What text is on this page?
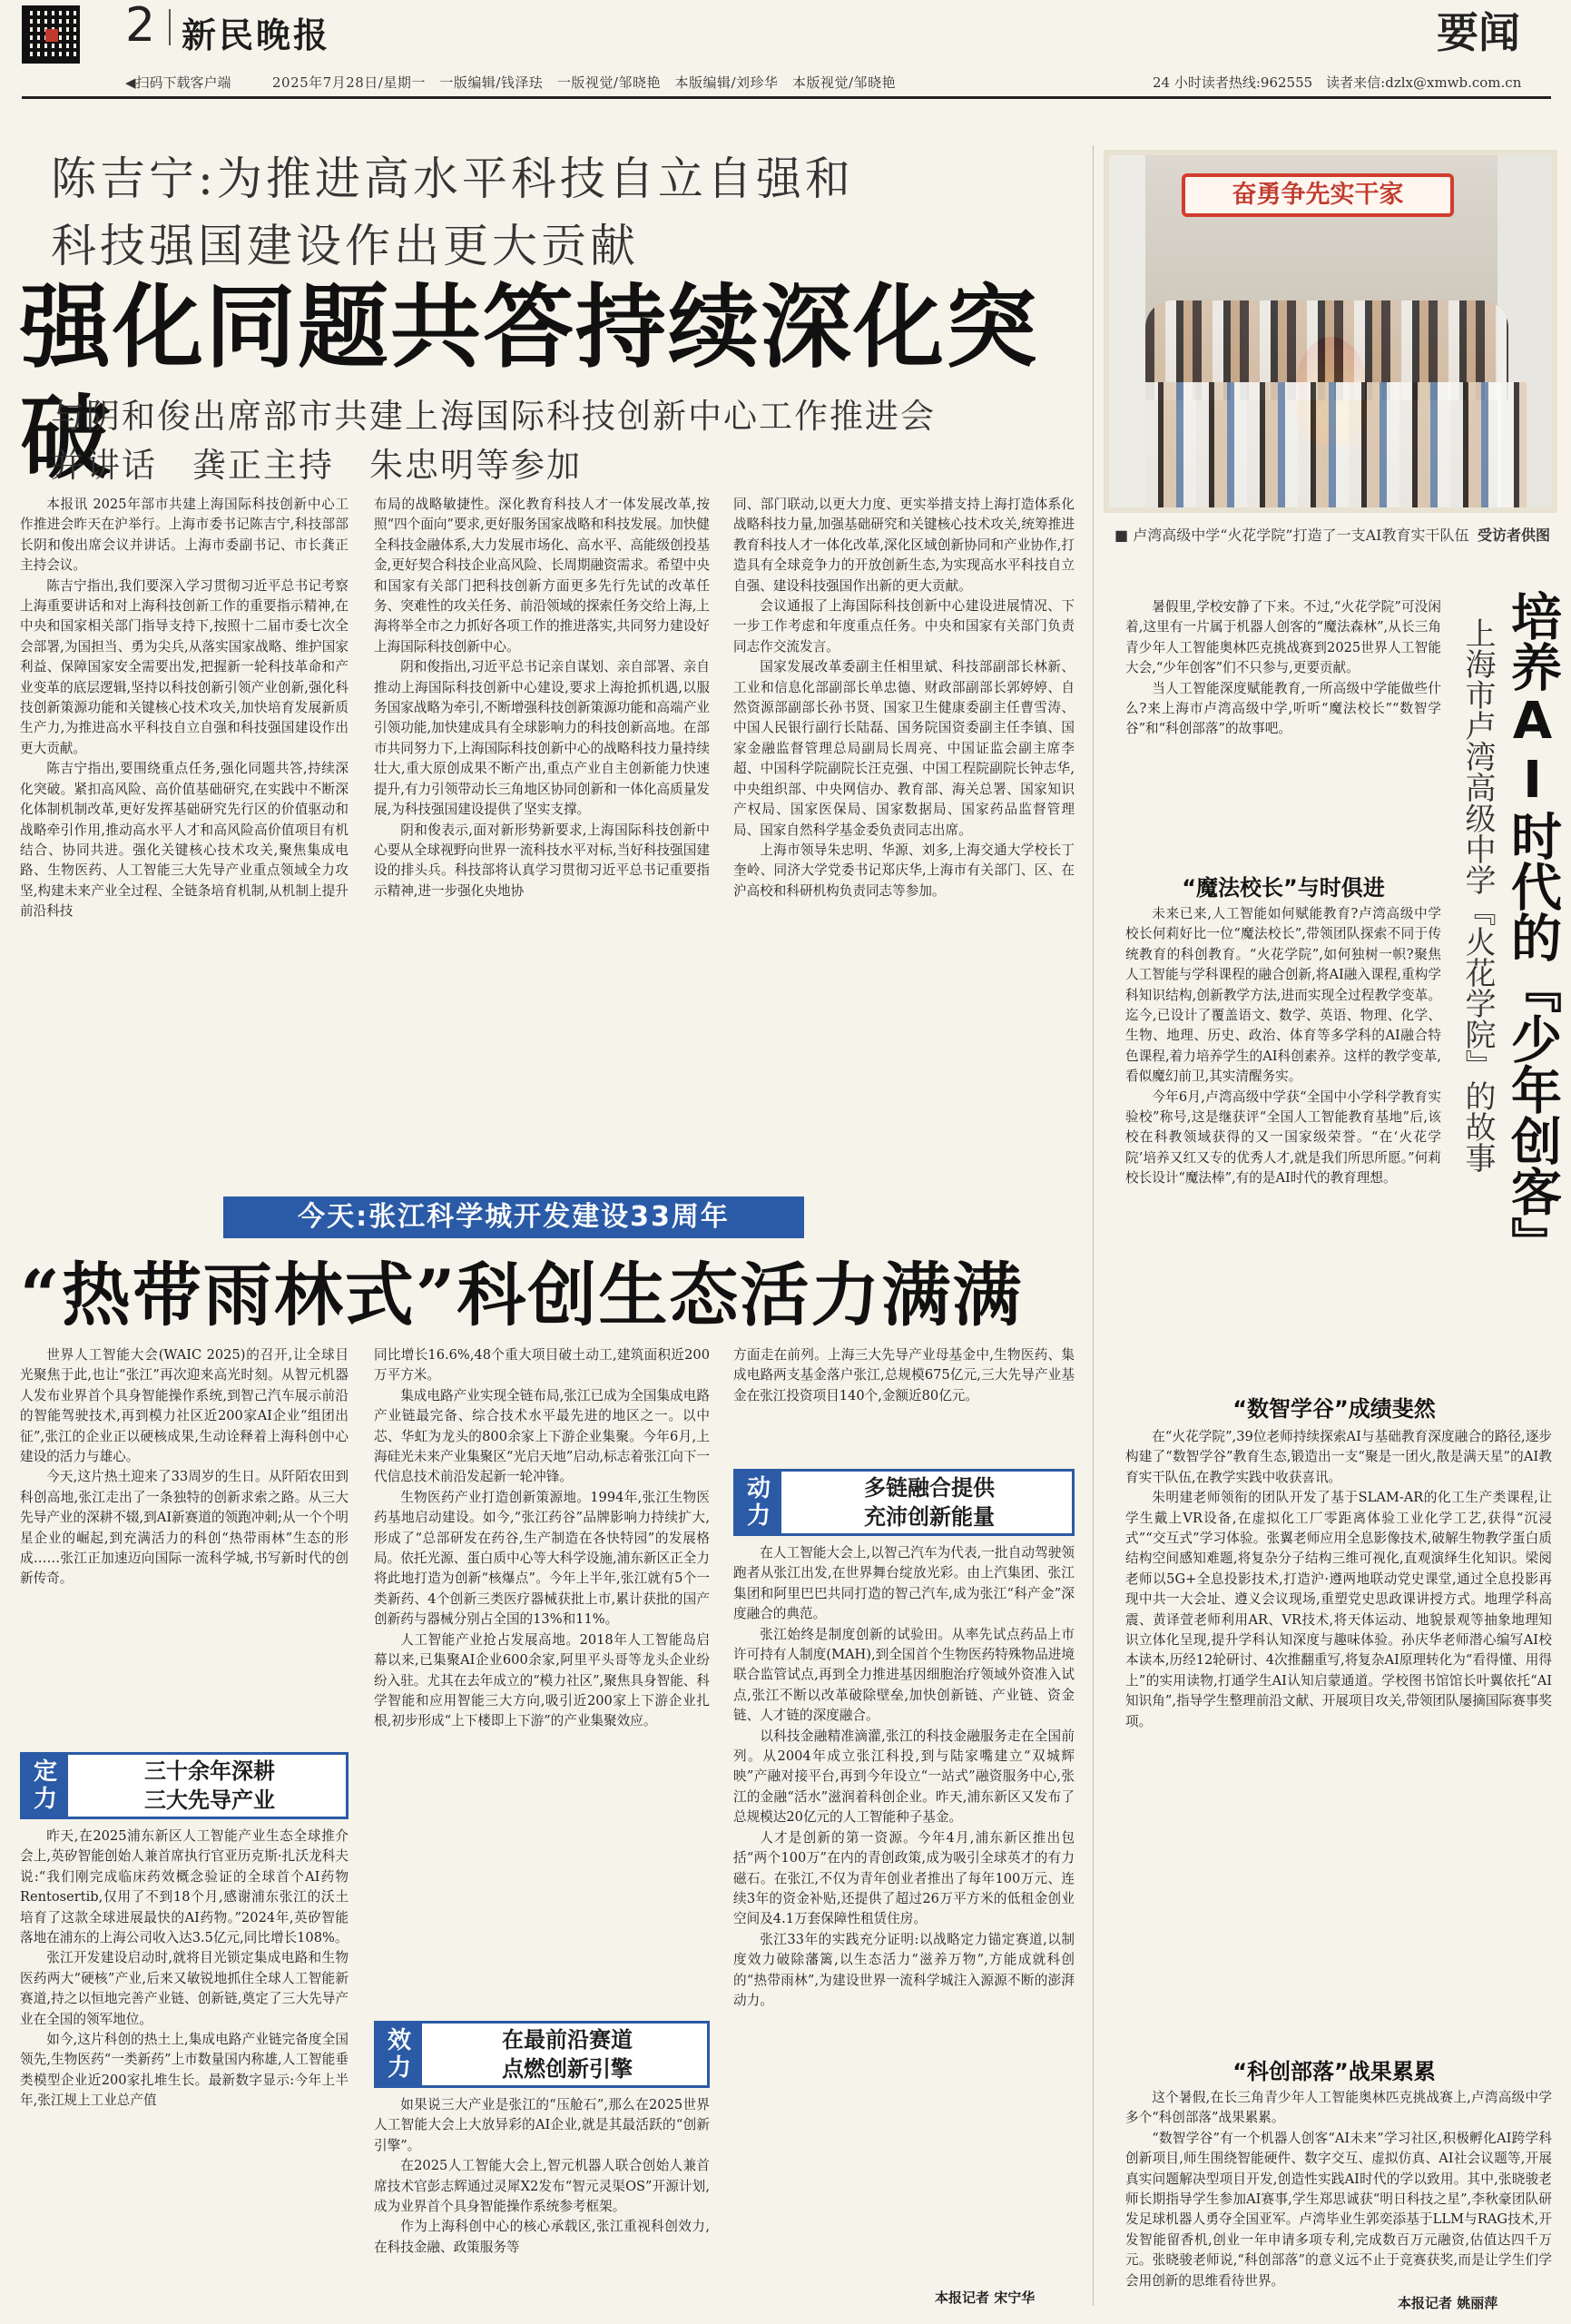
2 新民晚报	要闻
◀扫码下载客户端	2025年7月28日/星期一　一版编辑/钱泽珐　一版视觉/邹晓艳　本版编辑/刘珍华　本版视觉/邹晓艳	24 小时读者热线:962555　读者来信:dzlx@xmwb.com.cn
陈吉宁:为推进高水平科技自立自强和
科技强国建设作出更大贡献
强化同题共答持续深化突破
与阴和俊出席部市共建上海国际科技创新中心工作推进会
并讲话　龚正主持　朱忠明等参加

本报讯 2025年部市共建上海国际科技创新中心工作推进会昨天在沪举行。上海市委书记陈吉宁,科技部部长阴和俊出席会议并讲话。上海市委副书记、市长龚正主持会议。

陈吉宁指出,我们要深入学习贯彻习近平总书记考察上海重要讲话和对上海科技创新工作的重要指示精神,在中央和国家相关部门指导支持下,按照十二届市委七次全会部署,为国担当、勇为尖兵,从落实国家战略、维护国家利益、保障国家安全需要出发,把握新一轮科技革命和产业变革的底层逻辑,坚持以科技创新引领产业创新,强化科技创新策源功能和关键核心技术攻关,加快培育发展新质生产力,为推进高水平科技自立自强和科技强国建设作出更大贡献。

陈吉宁指出,要围绕重点任务,强化同题共答,持续深化突破。紧扣高风险、高价值基础研究,在实践中不断深化体制机制改革,更好发挥基础研究先行区的价值驱动和战略牵引作用,推动高水平人才和高风险高价值项目有机结合、协同共进。强化关键核心技术攻关,聚焦集成电路、生物医药、人工智能三大先导产业重点领域全力攻坚,构建未来产业全过程、全链条培育机制,从机制上提升前沿科技

布局的战略敏捷性。深化教育科技人才一体发展改革,按照“四个面向”要求,更好服务国家战略和科技发展。加快健全科技金融体系,大力发展市场化、高水平、高能级创投基金,更好契合科技企业高风险、长周期融资需求。希望中央和国家有关部门把科技创新方面更多先行先试的改革任务、突难性的攻关任务、前沿领域的探索任务交给上海,上海将举全市之力抓好各项工作的推进落实,共同努力建设好上海国际科技创新中心。

阴和俊指出,习近平总书记亲自谋划、亲自部署、亲自推动上海国际科技创新中心建设,要求上海抢抓机遇,以服务国家战略为牵引,不断增强科技创新策源功能和高端产业引领功能,加快建成具有全球影响力的科技创新高地。在部市共同努力下,上海国际科技创新中心的战略科技力量持续壮大,重大原创成果不断产出,重点产业自主创新能力快速提升,有力引领带动长三角地区协同创新和一体化高质量发展,为科技强国建设提供了坚实支撑。

阴和俊表示,面对新形势新要求,上海国际科技创新中心要从全球视野向世界一流科技水平对标,当好科技强国建设的排头兵。科技部将认真学习贯彻习近平总书记重要指示精神,进一步强化央地协

同、部门联动,以更大力度、更实举措支持上海打造体系化战略科技力量,加强基础研究和关键核心技术攻关,统筹推进教育科技人才一体化改革,深化区域创新协同和产业协作,打造具有全球竞争力的开放创新生态,为实现高水平科技自立自强、建设科技强国作出新的更大贡献。

会议通报了上海国际科技创新中心建设进展情况、下一步工作考虑和年度重点任务。中央和国家有关部门负责同志作交流发言。

国家发展改革委副主任相里斌、科技部副部长林新、工业和信息化部副部长单忠德、财政部副部长郭婷婷、自然资源部副部长孙书贤、国家卫生健康委副主任曹雪涛、中国人民银行副行长陆磊、国务院国资委副主任李镇、国家金融监督管理总局副局长周亮、中国证监会副主席李超、中国科学院副院长汪克强、中国工程院副院长钟志华,中央组织部、中央网信办、教育部、海关总署、国家知识产权局、国家医保局、国家数据局、国家药品监督管理局、国家自然科学基金委负责同志出席。

上海市领导朱忠明、华源、刘多,上海交通大学校长丁奎岭、同济大学党委书记郑庆华,上海市有关部门、区、在沪高校和科研机构负责同志等参加。

奋勇争先实干家
■ 卢湾高级中学“火花学院”打造了一支AI教育实干队伍 受访者供图
培养AI时代的『少年创客』
上海市卢湾高级中学『火花学院』的故事

暑假里,学校安静了下来。不过,“火花学院”可没闲着,这里有一片属于机器人创客的“魔法森林”,从长三角青少年人工智能奥林匹克挑战赛到2025世界人工智能大会,“少年创客”们不只参与,更要贡献。

当人工智能深度赋能教育,一所高级中学能做些什么?来上海市卢湾高级中学,听听“魔法校长”“数智学谷”和“科创部落”的故事吧。

“魔法校长”与时俱进

未来已来,人工智能如何赋能教育?卢湾高级中学校长何莉好比一位“魔法校长”,带领团队探索不同于传统教育的科创教育。“火花学院”,如何独树一帜?聚焦人工智能与学科课程的融合创新,将AI融入课程,重构学科知识结构,创新教学方法,进而实现全过程教学变革。迄今,已设计了覆盖语文、数学、英语、物理、化学、生物、地理、历史、政治、体育等多学科的AI融合特色课程,着力培养学生的AI科创素养。这样的教学变革,看似魔幻前卫,其实清醒务实。

今年6月,卢湾高级中学获“全国中小学科学教育实验校”称号,这是继获评“全国人工智能教育基地”后,该校在科教领域获得的又一国家级荣誉。“在‘火花学院’培养又红又专的优秀人才,就是我们所思所愿。”何莉校长设计“魔法棒”,有的是AI时代的教育理想。

“数智学谷”成绩斐然

在“火花学院”,39位老师持续探索AI与基础教育深度融合的路径,逐步构建了“数智学谷”教育生态,锻造出一支“聚是一团火,散是满天星”的AI教育实干队伍,在教学实践中收获喜讯。

朱明建老师领衔的团队开发了基于SLAM-AR的化工生产类课程,让学生戴上VR设备,在虚拟化工厂零距离体验工业化学工艺,获得“沉浸式”“交互式”学习体验。张翼老师应用全息影像技术,破解生物教学蛋白质结构空间感知难题,将复杂分子结构三维可视化,直观演绎生化知识。梁阅老师以5G+全息投影技术,打造沪·遵两地联动党史课堂,通过全息投影再现中共一大会址、遵义会议现场,重塑党史思政课讲授方式。地理学科高震、黄译萱老师利用AR、VR技术,将天体运动、地貌景观等抽象地理知识立体化呈现,提升学科认知深度与趣味体验。孙庆华老师潜心编写AI校本读本,历经12轮研讨、4次推翻重写,将复杂AI原理转化为“看得懂、用得上”的实用读物,打通学生AI认知启蒙通道。学校图书馆馆长叶翼依托“AI知识角”,指导学生整理前沿文献、开展项目攻关,带领团队屡摘国际赛事奖项。

“科创部落”战果累累

这个暑假,在长三角青少年人工智能奥林匹克挑战赛上,卢湾高级中学多个“科创部落”战果累累。

“数智学谷”有一个机器人创客“AI未来”学习社区,积极孵化AI跨学科创新项目,师生围绕智能硬件、数字交互、虚拟仿真、AI社会议题等,开展真实问题解决型项目开发,创造性实践AI时代的学以致用。其中,张晓骏老师长期指导学生参加AI赛事,学生郑思诚获“明日科技之星”,李秋豪团队研发足球机器人勇夺全国亚军。卢湾毕业生郭奕添基于LLM与RAG技术,开发智能留香机,创业一年申请多项专利,完成数百万元融资,估值达四千万元。张晓骏老师说,“科创部落”的意义远不止于竞赛获奖,而是让学生们学会用创新的思维看待世界。

本报记者 姚丽萍
今天:张江科学城开发建设33周年
“热带雨林式”科创生态活力满满

世界人工智能大会(WAIC 2025)的召开,让全球目光聚焦于此,也让“张江”再次迎来高光时刻。从智元机器人发布业界首个具身智能操作系统,到智己汽车展示前沿的智能驾驶技术,再到模力社区近200家AI企业“组团出征”,张江的企业正以硬核成果,生动诠释着上海科创中心建设的活力与雄心。

今天,这片热土迎来了33周岁的生日。从阡陌农田到科创高地,张江走出了一条独特的创新求索之路。从三大先导产业的深耕不辍,到AI新赛道的领跑冲刺;从一个个明星企业的崛起,到充满活力的科创“热带雨林”生态的形成……张江正加速迈向国际一流科学城,书写新时代的创新传奇。

定力
三十余年深耕
三大先导产业

昨天,在2025浦东新区人工智能产业生态全球推介会上,英矽智能创始人兼首席执行官亚历克斯·扎沃龙科夫说:“我们刚完成临床药效概念验证的全球首个AI药物Rentosertib,仅用了不到18个月,感谢浦东张江的沃土培育了这款全球进展最快的AI药物。”2024年,英矽智能落地在浦东的上海公司收入达3.5亿元,同比增长108%。

张江开发建设启动时,就将目光锁定集成电路和生物医药两大“硬核”产业,后来又敏锐地抓住全球人工智能新赛道,持之以恒地完善产业链、创新链,奠定了三大先导产业在全国的领军地位。

如今,这片科创的热土上,集成电路产业链完备度全国领先,生物医药“一类新药”上市数量国内称雄,人工智能垂类模型企业近200家扎堆生长。最新数字显示:今年上半年,张江规上工业总产值

同比增长16.6%,48个重大项目破土动工,建筑面积近200万平方米。

集成电路产业实现全链布局,张江已成为全国集成电路产业链最完备、综合技术水平最先进的地区之一。以中芯、华虹为龙头的800余家上下游企业集聚。今年6月,上海硅光未来产业集聚区“光启天地”启动,标志着张江向下一代信息技术前沿发起新一轮冲锋。

生物医药产业打造创新策源地。1994年,张江生物医药基地启动建设。如今,“张江药谷”品牌影响力持续扩大,形成了“总部研发在药谷,生产制造在各快特园”的发展格局。依托光源、蛋白质中心等大科学设施,浦东新区正全力将此地打造为创新“核爆点”。今年上半年,张江就有5个一类新药、4个创新三类医疗器械获批上市,累计获批的国产创新药与器械分别占全国的13%和11%。

人工智能产业抢占发展高地。2018年人工智能岛启幕以来,已集聚AI企业600余家,阿里平头哥等龙头企业纷纷入驻。尤其在去年成立的“模力社区”,聚焦具身智能、科学智能和应用智能三大方向,吸引近200家上下游企业扎根,初步形成“上下楼即上下游”的产业集聚效应。

效力
在最前沿赛道
点燃创新引擎

如果说三大产业是张江的“压舱石”,那么在2025世界人工智能大会上大放异彩的AI企业,就是其最活跃的“创新引擎”。

在2025人工智能大会上,智元机器人联合创始人兼首席技术官彭志辉通过灵犀X2发布“智元灵渠OS”开源计划,成为业界首个具身智能操作系统参考框架。

作为上海科创中心的核心承载区,张江重视科创效力,在科技金融、政策服务等

方面走在前列。上海三大先导产业母基金中,生物医药、集成电路两支基金落户张江,总规模675亿元,三大先导产业基金在张江投资项目140个,金额近80亿元。

动力
多链融合提供
充沛创新能量

在人工智能大会上,以智己汽车为代表,一批自动驾驶领跑者从张江出发,在世界舞台绽放光彩。由上汽集团、张江集团和阿里巴巴共同打造的智己汽车,成为张江“科产金”深度融合的典范。

张江始终是制度创新的试验田。从率先试点药品上市许可持有人制度(MAH),到全国首个生物医药特殊物品进境联合监管试点,再到全力推进基因细胞治疗领域外资准入试点,张江不断以改革破除壁垒,加快创新链、产业链、资金链、人才链的深度融合。

以科技金融精准滴灌,张江的科技金融服务走在全国前列。从2004年成立张江科投,到与陆家嘴建立“双城辉映”产融对接平台,再到今年设立“一站式”融资服务中心,张江的金融“活水”滋润着科创企业。昨天,浦东新区又发布了总规模达20亿元的人工智能种子基金。

人才是创新的第一资源。今年4月,浦东新区推出包括“两个100万”在内的青创政策,成为吸引全球英才的有力磁石。在张江,不仅为青年创业者推出了每年100万元、连续3年的资金补贴,还提供了超过26万平方米的低租金创业空间及4.1万套保障性租赁住房。

张江33年的实践充分证明:以战略定力锚定赛道,以制度效力破除藩篱,以生态活力“滋养万物”,方能成就科创的“热带雨林”,为建设世界一流科学城注入源源不断的澎湃动力。

本报记者 宋宁华
